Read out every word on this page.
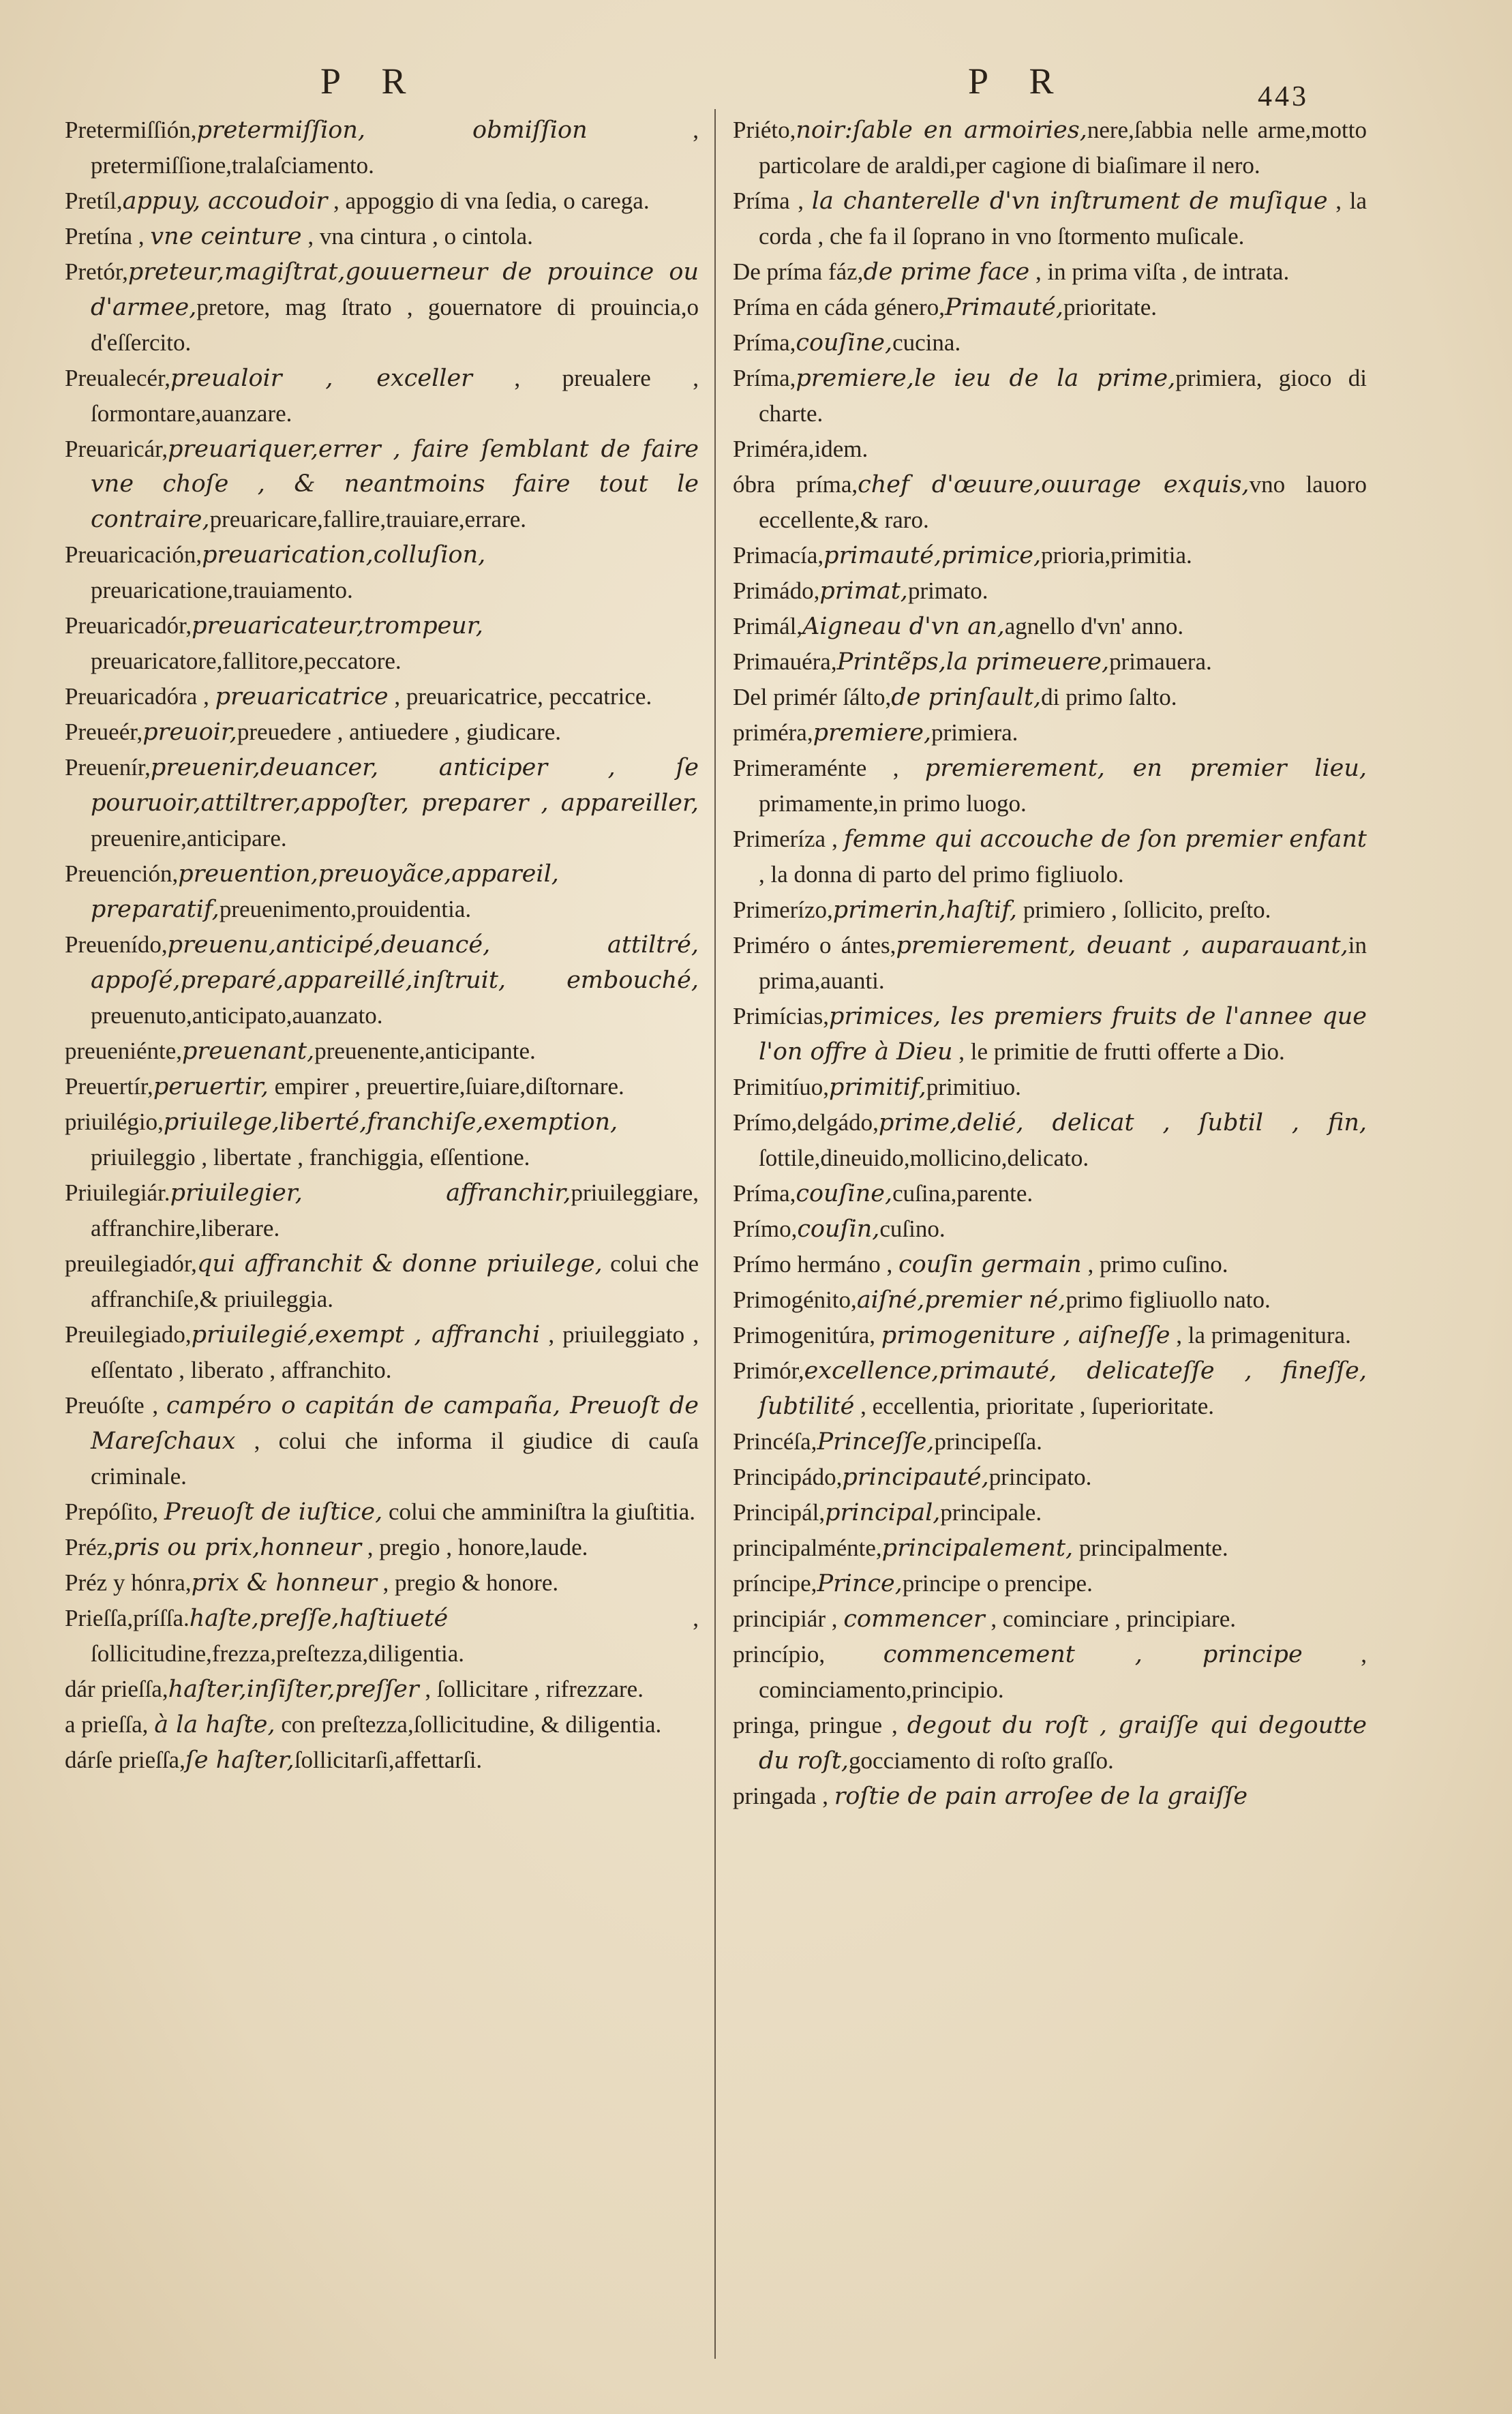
P R	P R	443

Pretermiſſión,pretermiſſion, obmiſſion , pretermiſſione,tralaſciamento.

Pretíl,appuy, accoudoir , appoggio di vna ſedia, o carega.

Pretína , vne ceinture , vna cintura , o cintola.

Pretór,preteur,magiſtrat,gouuerneur de prouince ou d'armee,pretore, mag ſtrato , gouernatore di prouincia,o d'eſſercito.

Preualecér,preualoir , exceller , preualere , ſormontare,auanzare.

Preuaricár,preuariquer,errer , faire ſemblant de faire vne choſe , & neantmoins faire tout le contraire,preuaricare,fallire,trauiare,errare.

Preuaricación,preuarication,colluſion, preuaricatione,trauiamento.

Preuaricadór,preuaricateur,trompeur, preuaricatore,fallitore,peccatore.

Preuaricadóra , preuaricatrice , preuaricatrice, peccatrice.

Preueér,preuoir,preuedere , antiuedere , giudicare.

Preuenír,preuenir,deuancer, anticiper , ſe pouruoir,attiltrer,appoſter, preparer , appareiller, preuenire,anticipare.

Preuención,preuention,preuoyãce,appareil, preparatif,preuenimento,prouidentia.

Preuenído,preuenu,anticipé,deuancé, attiltré, appoſé,preparé,appareillé,inſtruit, embouché, preuenuto,anticipato,auanzato.

preueniénte,preuenant,preuenente,anticipante.

Preuertír,peruertir, empirer , preuertire,ſuiare,diſtornare.

priuilégio,priuilege,liberté,franchiſe,exemption, priuileggio , libertate , franchiggia, eſſentione.

Priuilegiár.priuilegier, affranchir,priuileggiare, affranchire,liberare.

preuilegiadór,qui affranchit & donne priuilege, colui che affranchiſe,& priuileggia.

Preuilegiado,priuilegié,exempt , affranchi , priuileggiato , eſſentato , liberato , affranchito.

Preuóſte , campéro o capitán de campaña, Preuoſt de Mareſchaux , colui che informa il giudice di cauſa criminale.

Prepóſito, Preuoſt de iuſtice, colui che amminiſtra la giuſtitia.

Préz,pris ou prix,honneur , pregio , honore,laude.

Préz y hónra,prix & honneur , pregio & honore.

Prieſſa,príſſa.haſte,preſſe,haſtiueté , ſollicitudine,frezza,preſtezza,diligentia.

dár prieſſa,haſter,inſiſter,preſſer , ſollicitare , rifrezzare.

a prieſſa, à la haſte, con preſtezza,ſollicitudine, & diligentia.

dárſe prieſſa,ſe haſter,ſollicitarſi,affettarſi.

Priéto,noir:ſable en armoiries,nere,ſabbia nelle arme,motto particolare de araldi,per cagione di biaſimare il nero.

Príma , la chanterelle d'vn inſtrument de muſique , la corda , che fa il ſoprano in vno ſtormento muſicale.

De príma fáz,de prime face , in prima viſta , de intrata.

Príma en cáda género,Primauté,prioritate.

Príma,couſine,cucina.

Príma,premiere,le ieu de la prime,primiera, gioco di charte.

Priméra,idem.

óbra príma,chef d'œuure,ouurage exquis,vno lauoro eccellente,& raro.

Primacía,primauté,primice,prioria,primitia.

Primádo,primat,primato.

Primál,Aigneau d'vn an,agnello d'vn' anno.

Primauéra,Printẽps,la primeuere,primauera.

Del primér ſálto,de prinſault,di primo ſalto.

priméra,premiere,primiera.

Primeraménte , premierement, en premier lieu, primamente,in primo luogo.

Primeríza , femme qui accouche de ſon premier enfant , la donna di parto del primo figliuolo.

Primerízo,primerin,haſtif, primiero , ſollicito, preſto.

Priméro o ántes,premierement, deuant , auparauant,in prima,auanti.

Primícias,primices, les premiers fruits de l'annee que l'on offre à Dieu , le primitie de frutti offerte a Dio.

Primitíuo,primitif,primitiuo.

Prímo,delgádo,prime,delié, delicat , ſubtil , fin, ſottile,dineuido,mollicino,delicato.

Príma,couſine,cuſina,parente.

Prímo,couſin,cuſino.

Prímo hermáno , couſin germain , primo cuſino.

Primogénito,aiſné,premier né,primo figliuollo nato.

Primogenitúra, primogeniture , aiſneſſe , la primagenitura.

Primór,excellence,primauté, delicateſſe , fineſſe, ſubtilité , eccellentia, prioritate , ſuperioritate.

Princéſa,Princeſſe,principeſſa.

Principádo,principauté,principato.

Principál,principal,principale.

principalménte,principalement, principalmente.

príncipe,Prince,principe o prencipe.

principiár , commencer , cominciare , principiare.

princípio, commencement , principe , cominciamento,principio.

pringa, pringue , degout du roſt , graiſſe qui degoutte du roſt,gocciamento di roſto graſſo.

pringada , roſtie de pain arroſee de la graiſſe
